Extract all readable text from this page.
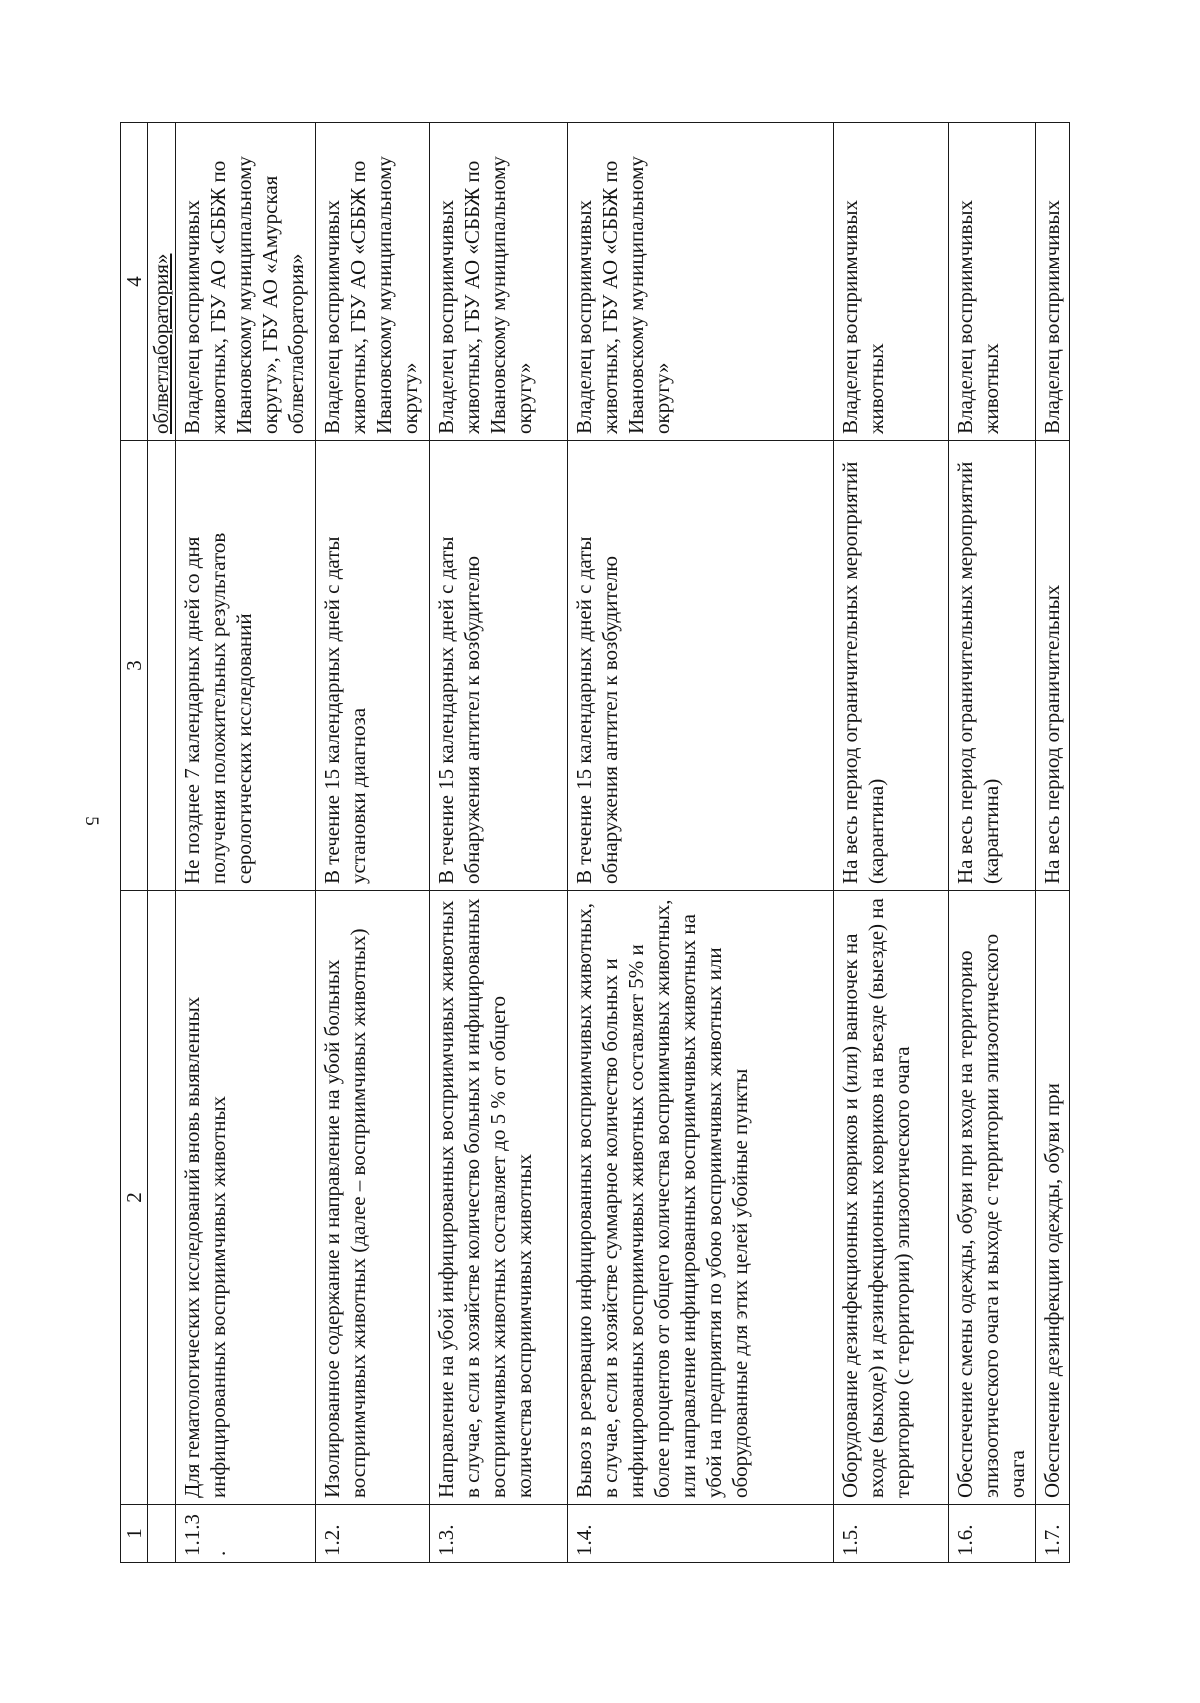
5
1	2	3	4
			облветлаборатория»
1.1.3.	Для гематологических исследований вновь выявленных инфицированных восприимчивых животных	Не позднее 7 календарных дней со дня получения положительных результатов серологических исследований	Владелец восприимчивых животных, ГБУ АО «СББЖ по Ивановскому муниципальному округу», ГБУ АО «Амурская облветлаборатория»
1.2.	Изолированное содержание и направление на убой больных восприимчивых животных (далее – восприимчивых животных)	В течение 15 календарных дней с даты установки диагноза	Владелец восприимчивых животных, ГБУ АО «СББЖ по Ивановскому муниципальному округу»
1.3.	Направление на убой инфицированных восприимчивых животных в случае, если в хозяйстве количество больных и инфицированных восприимчивых животных составляет до 5 % от общего количества восприимчивых животных	В течение 15 календарных дней с даты обнаружения антител к возбудителю	Владелец восприимчивых животных, ГБУ АО «СББЖ по Ивановскому муниципальному округу»
1.4.	Вывоз в резервацию инфицированных восприимчивых животных, в случае, если в хозяйстве суммарное количество больных и инфицированных восприимчивых животных составляет 5% и более процентов от общего количества восприимчивых животных, или направление инфицированных восприимчивых животных на убой на предприятия по убою восприимчивых животных или оборудованные для этих целей убойные пункты	В течение 15 календарных дней с даты обнаружения антител к возбудителю	Владелец восприимчивых животных, ГБУ АО «СББЖ по Ивановскому муниципальному округу»
1.5.	Оборудование дезинфекционных ковриков и (или) ванночек на входе (выходе) и дезинфекционных ковриков на въезде (выезде) на территорию (с территории) эпизоотического очага	На весь период ограничительных мероприятий (карантина)	Владелец восприимчивых животных
1.6.	Обеспечение смены одежды, обуви при входе на территорию эпизоотического очага и выходе с территории эпизоотического очага	На весь период ограничительных мероприятий (карантина)	Владелец восприимчивых животных
1.7.	Обеспечение дезинфекции одежды, обуви при	На весь период ограничительных	Владелец восприимчивых
